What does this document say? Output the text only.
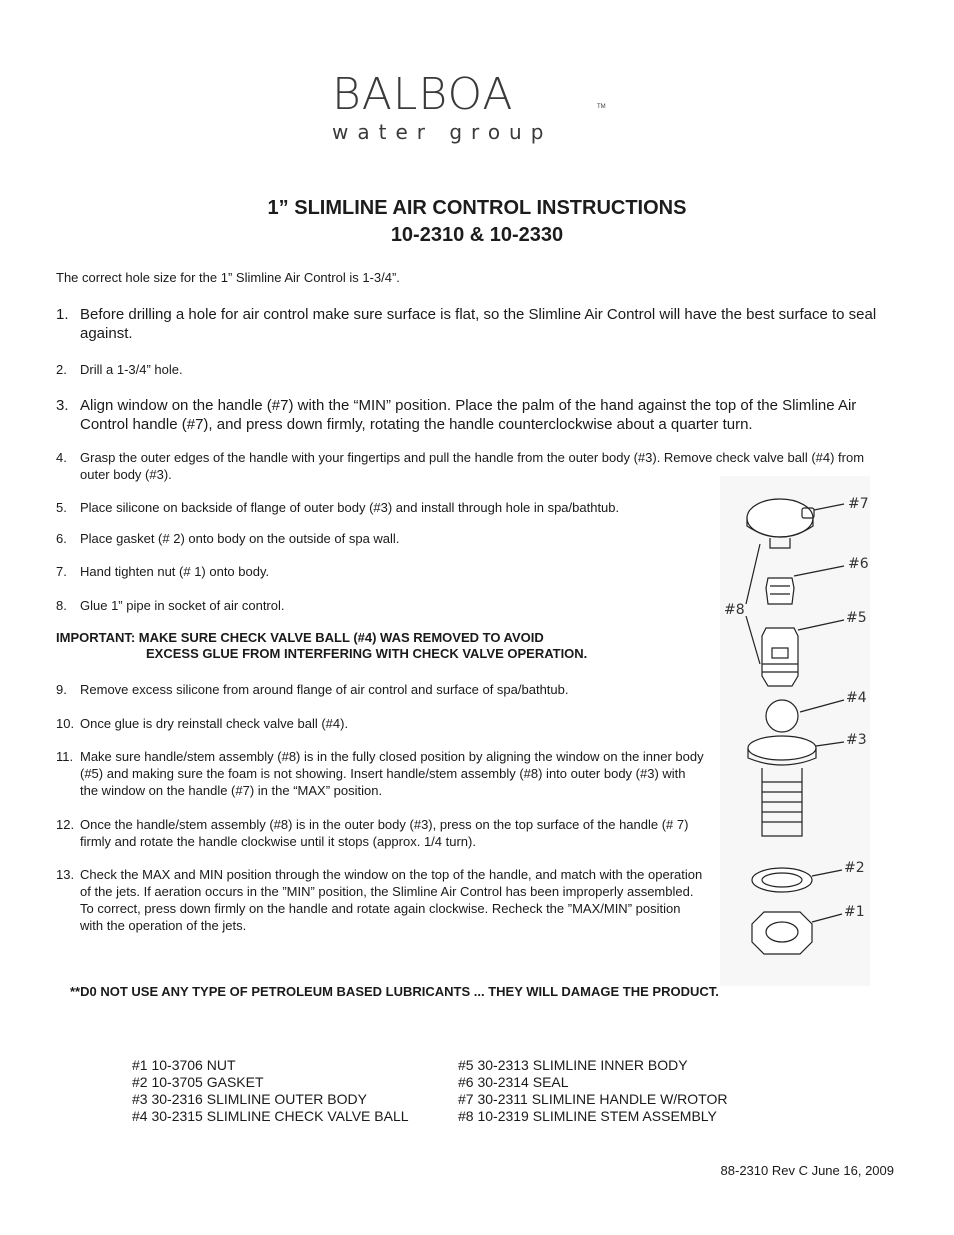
BALBOA	TM
water group
1” SLIMLINE AIR CONTROL INSTRUCTIONS
10-2310 & 10-2330
The correct hole size for the 1” Slimline Air Control is 1-3/4”.
1. Before drilling a hole for air control make sure surface is flat, so the Slimline Air Control will have the best surface to seal against.
2.	Drill a 1-3/4” hole.
3. Align window on the handle (#7) with the “MIN” position. Place the palm of the hand against the top of the Slimline Air Control handle (#7), and press down firmly, rotating the handle counterclockwise about a quarter turn.
4.	Grasp the outer edges of the handle with your fingertips and pull the handle from the outer body (#3). Remove check valve ball (#4) from outer body (#3).
5.	Place silicone on backside of flange of outer body (#3) and install through hole in spa/bathtub.
6.	Place gasket (# 2) onto body on the outside of spa wall.
7.	Hand tighten nut (# 1) onto body.
8.	Glue 1” pipe in socket of air control.
IMPORTANT: MAKE SURE CHECK VALVE BALL (#4) WAS REMOVED TO AVOID
EXCESS GLUE FROM INTERFERING WITH CHECK VALVE OPERATION.
9.	Remove excess silicone from around flange of air control and surface of spa/bathtub.
10. Once glue is dry reinstall check valve ball (#4).
11. Make sure handle/stem assembly (#8) is in the fully closed position by aligning the window on the inner body (#5) and making sure the foam is not showing. Insert handle/stem assembly (#8) into outer body (#3) with the window on the handle (#7) in the “MAX” position.
12. Once the handle/stem assembly (#8) is in the outer body (#3), press on the top surface of the handle (# 7) firmly and rotate the handle clockwise until it stops (approx. 1/4 turn).
13. Check the MAX and MIN position through the window on the top of the handle, and match with the operation of the jets. If aeration occurs in the ”MIN” position, the Slimline Air Control has been improperly assembled. To correct, press down firmly on the handle and rotate again clockwise. Recheck the ”MAX/MIN” position with the operation of the jets.
#7
#6
#5
#8
#4
#3
#2
#1
**D0 NOT USE ANY TYPE OF PETROLEUM BASED LUBRICANTS ... THEY WILL DAMAGE THE PRODUCT.
#1 10-3706 NUT
#2 10-3705 GASKET
#3 30-2316 SLIMLINE OUTER BODY
#4 30-2315 SLIMLINE CHECK VALVE BALL
#5 30-2313 SLIMLINE INNER BODY
#6 30-2314 SEAL
#7 30-2311 SLIMLINE HANDLE W/ROTOR
#8 10-2319 SLIMLINE STEM ASSEMBLY
88-2310 Rev C June 16, 2009
